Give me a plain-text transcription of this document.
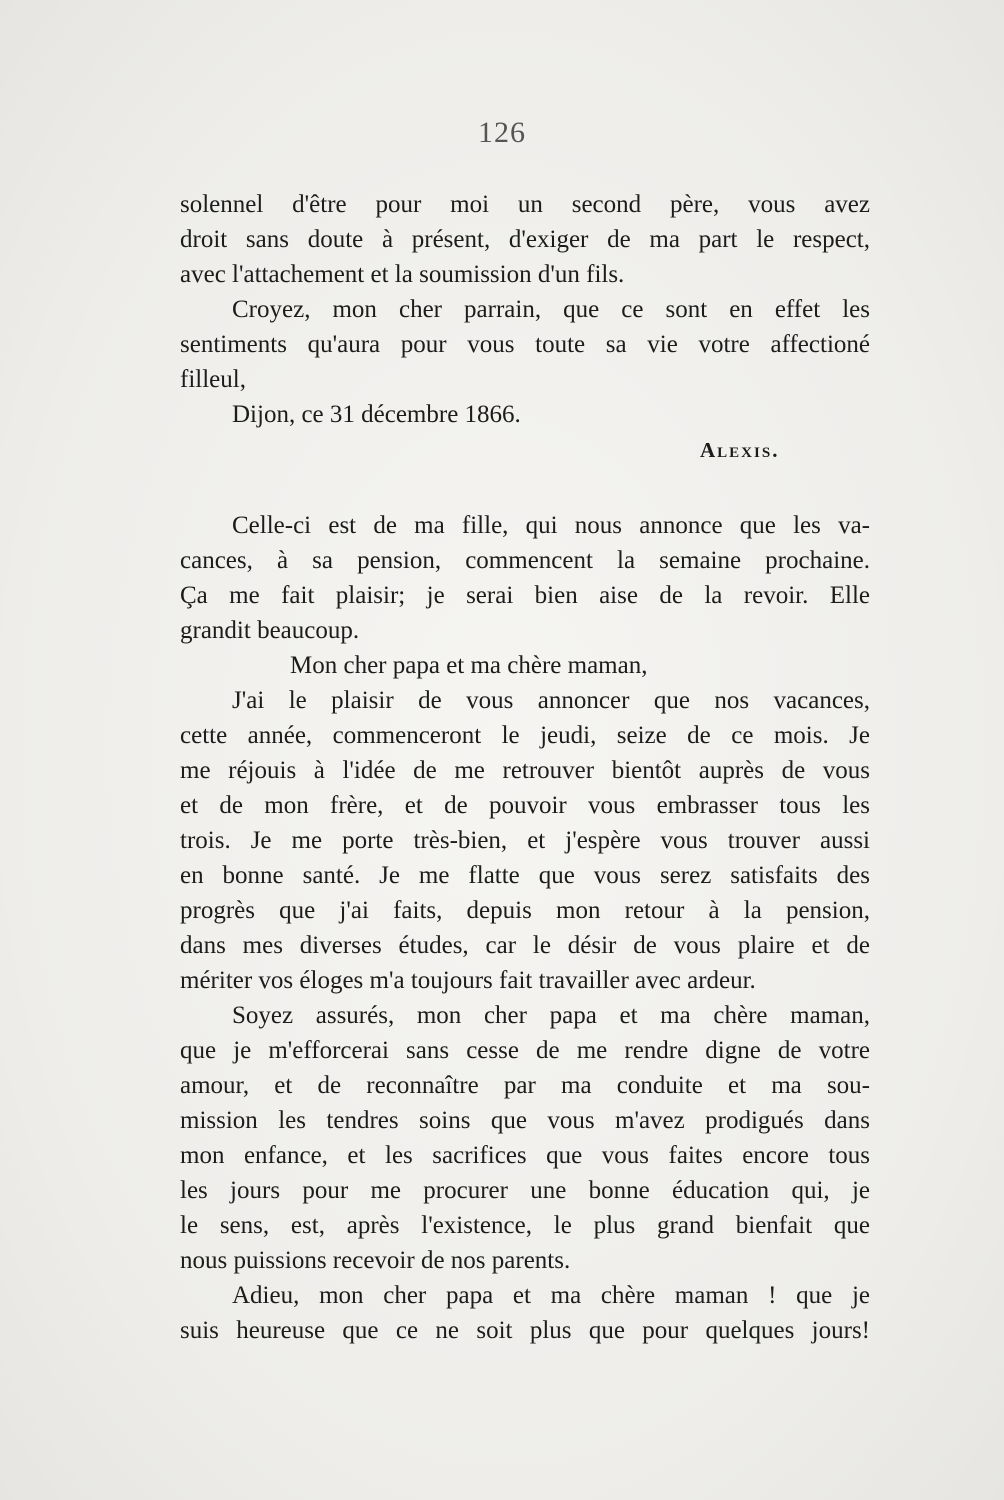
126
solennel d'être pour moi un second père, vous avez
droit sans doute à présent, d'exiger de ma part le respect,
avec l'attachement et la soumission d'un fils.
Croyez, mon cher parrain, que ce sont en effet les
sentiments qu'aura pour vous toute sa vie votre affectioné
filleul,
Dijon, ce 31 décembre 1866.
Alexis.
Celle-ci est de ma fille, qui nous annonce que les va-
cances, à sa pension, commencent la semaine prochaine.
Ça me fait plaisir; je serai bien aise de la revoir. Elle
grandit beaucoup.
Mon cher papa et ma chère maman,
J'ai le plaisir de vous annoncer que nos vacances,
cette année, commenceront le jeudi, seize de ce mois. Je
me réjouis à l'idée de me retrouver bientôt auprès de vous
et de mon frère, et de pouvoir vous embrasser tous les
trois. Je me porte très-bien, et j'espère vous trouver aussi
en bonne santé. Je me flatte que vous serez satisfaits des
progrès que j'ai faits, depuis mon retour à la pension,
dans mes diverses études, car le désir de vous plaire et de
mériter vos éloges m'a toujours fait travailler avec ardeur.
Soyez assurés, mon cher papa et ma chère maman,
que je m'efforcerai sans cesse de me rendre digne de votre
amour, et de reconnaître par ma conduite et ma sou-
mission les tendres soins que vous m'avez prodigués dans
mon enfance, et les sacrifices que vous faites encore tous
les jours pour me procurer une bonne éducation qui, je
le sens, est, après l'existence, le plus grand bienfait que
nous puissions recevoir de nos parents.
Adieu, mon cher papa et ma chère maman ! que je
suis heureuse que ce ne soit plus que pour quelques jours!
